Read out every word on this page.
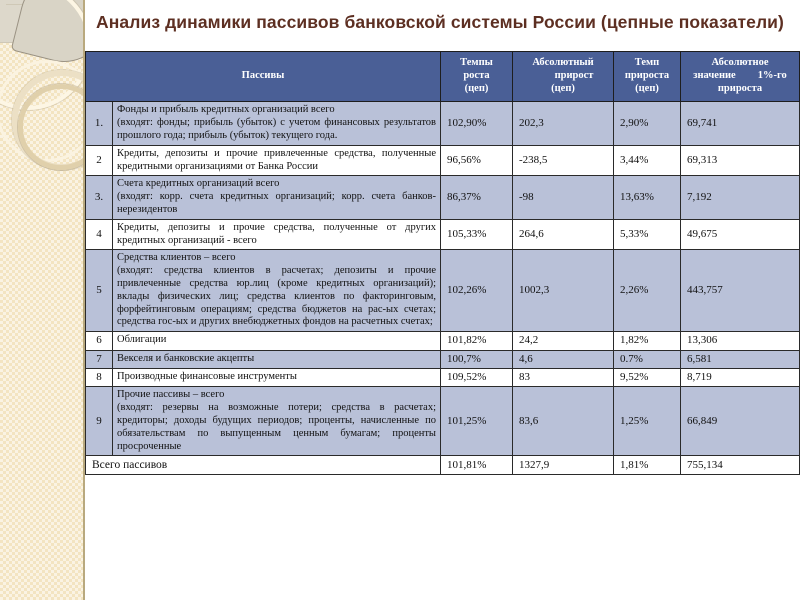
Анализ динамики пассивов банковской системы России (цепные показатели)
Пассивы		Темпы
роста
(цеп)	Абсолютный
прирост
(цеп)	Темп
прироста
(цеп)	Абсолютное
значение 1%-го
прироста
1.	Фонды и прибыль кредитных организаций всего
(входят: фонды; прибыль (убыток) с учетом финансовых результатов прошлого года; прибыль (убыток) текущего года.	102,90%	202,3	2,90%	69,741
2	Кредиты, депозиты и прочие привлеченные средства, полученные кредитными организациями от Банка России	96,56%	-238,5	3,44%	69,313
3.	Счета кредитных организаций всего
(входят: корр. счета кредитных организаций; корр. счета банков-нерезидентов	86,37%	-98	13,63%	7,192
4	Кредиты, депозиты и прочие средства, полученные от других кредитных организаций - всего	105,33%	264,6	5,33%	49,675
5	Средства клиентов – всего
(входят: средства клиентов в расчетах; депозиты и прочие привлеченные средства юр.лиц (кроме кредитных организаций); вклады физических лиц; средства клиентов по факторинговым, форфейтинговым операциям; средства бюджетов на рас-ых счетах; средства гос-ых и других внебюджетных фондов на расчетных счетах;	102,26%	1002,3	2,26%	443,757
6	Облигации	101,82%	24,2	1,82%	13,306
7	Векселя и банковские акцепты	100,7%	4,6	0.7%	6,581
8	Производные финансовые инструменты	109,52%	83	9,52%	8,719
9	Прочие пассивы – всего
(входят: резервы на возможные потери; средства в расчетах; кредиторы; доходы будущих периодов; проценты, начисленные по обязательствам по выпущенным ценным бумагам; проценты просроченные	101,25%	83,6	1,25%	66,849
Всего пассивов		101,81%	1327,9	1,81%	755,134
